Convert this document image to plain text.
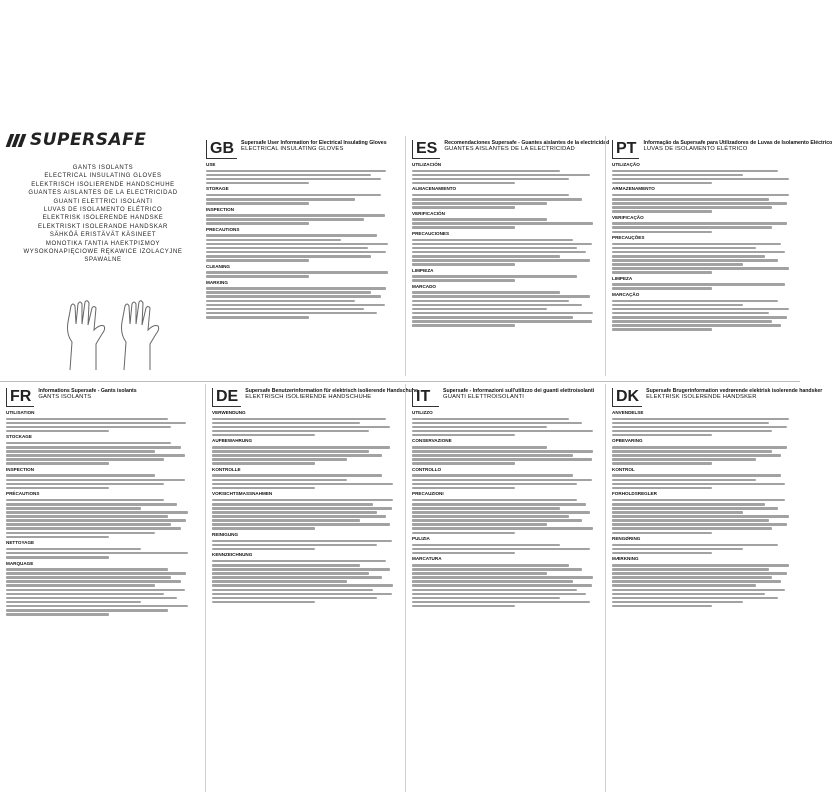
SUPERSAFE
GANTS ISOLANTS
ELECTRICAL INSULATING GLOVES
ELEKTRISCH ISOLIERENDE HANDSCHUHE
GUANTES AISLANTES DE LA ELECTRICIDAD
GUANTI ELETTRICI ISOLANTI
LUVAS DE ISOLAMENTO ELÉTRICO
ELEKTRISK ISOLERENDE HANDSKE
ELEKTRISKT ISOLERANDE HANDSKAR
SÄHKÖÄ ERISTÄVÄT KÄSINEET
MONOTIKA ΓΑΝΤΙΑ ΗΛΕΚΤΡΙΣΜΟΥ
WYSOKONAPIĘCIOWE RĘKAWICE IZOLACYJNE
SPAWALNE
GB	Supersafe User Information for Electrical Insulating Gloves
ELECTRICAL INSULATING GLOVES
USE
STORAGE
INSPECTION
PRECAUTIONS
CLEANING
MARKING
ES	Recomendaciones Supersafe - Guantes aislantes de la electricidad
GUANTES AISLANTES DE LA ELECTRICIDAD
UTILIZACIÓN
ALMACENAMIENTO
VERIFICACIÓN
PRECAUCIONES
LIMPIEZA
MARCADO
PT	Informação da Supersafe para Utilizadores de Luvas de Isolamento Eléctrico
LUVAS DE ISOLAMENTO ELÉTRICO
UTILIZAÇÃO
ARMAZENAMENTO
VERIFICAÇÃO
PRECAUÇÕES
LIMPEZA
MARCAÇÃO
FR	Informations Supersafe - Gants isolants
GANTS ISOLANTS
UTILISATION
STOCKAGE
INSPECTION
PRÉCAUTIONS
NETTOYAGE
MARQUAGE
DE	Supersafe Benutzerinformation für elektrisch isolierende Handschuhe
ELEKTRISCH ISOLIERENDE HANDSCHUHE
VERWENDUNG
AUFBEWAHRUNG
KONTROLLE
VORSICHTSMASSNAHMEN
REINIGUNG
KENNZEICHNUNG
IT	Supersafe - Informazioni sull'utilizzo dei guanti elettroisolanti
GUANTI ELETTROISOLANTI
UTILIZZO
CONSERVAZIONE
CONTROLLO
PRECAUZIONI
PULIZIA
MARCATURA
DK	Supersafe Brugerinformation vedrørende elektrisk isolerende handsker
ELEKTRISK ISOLERENDE HANDSKER
ANVENDELSE
OPBEVARING
KONTROL
FORHOLDSREGLER
RENGØRING
MÆRKNING
